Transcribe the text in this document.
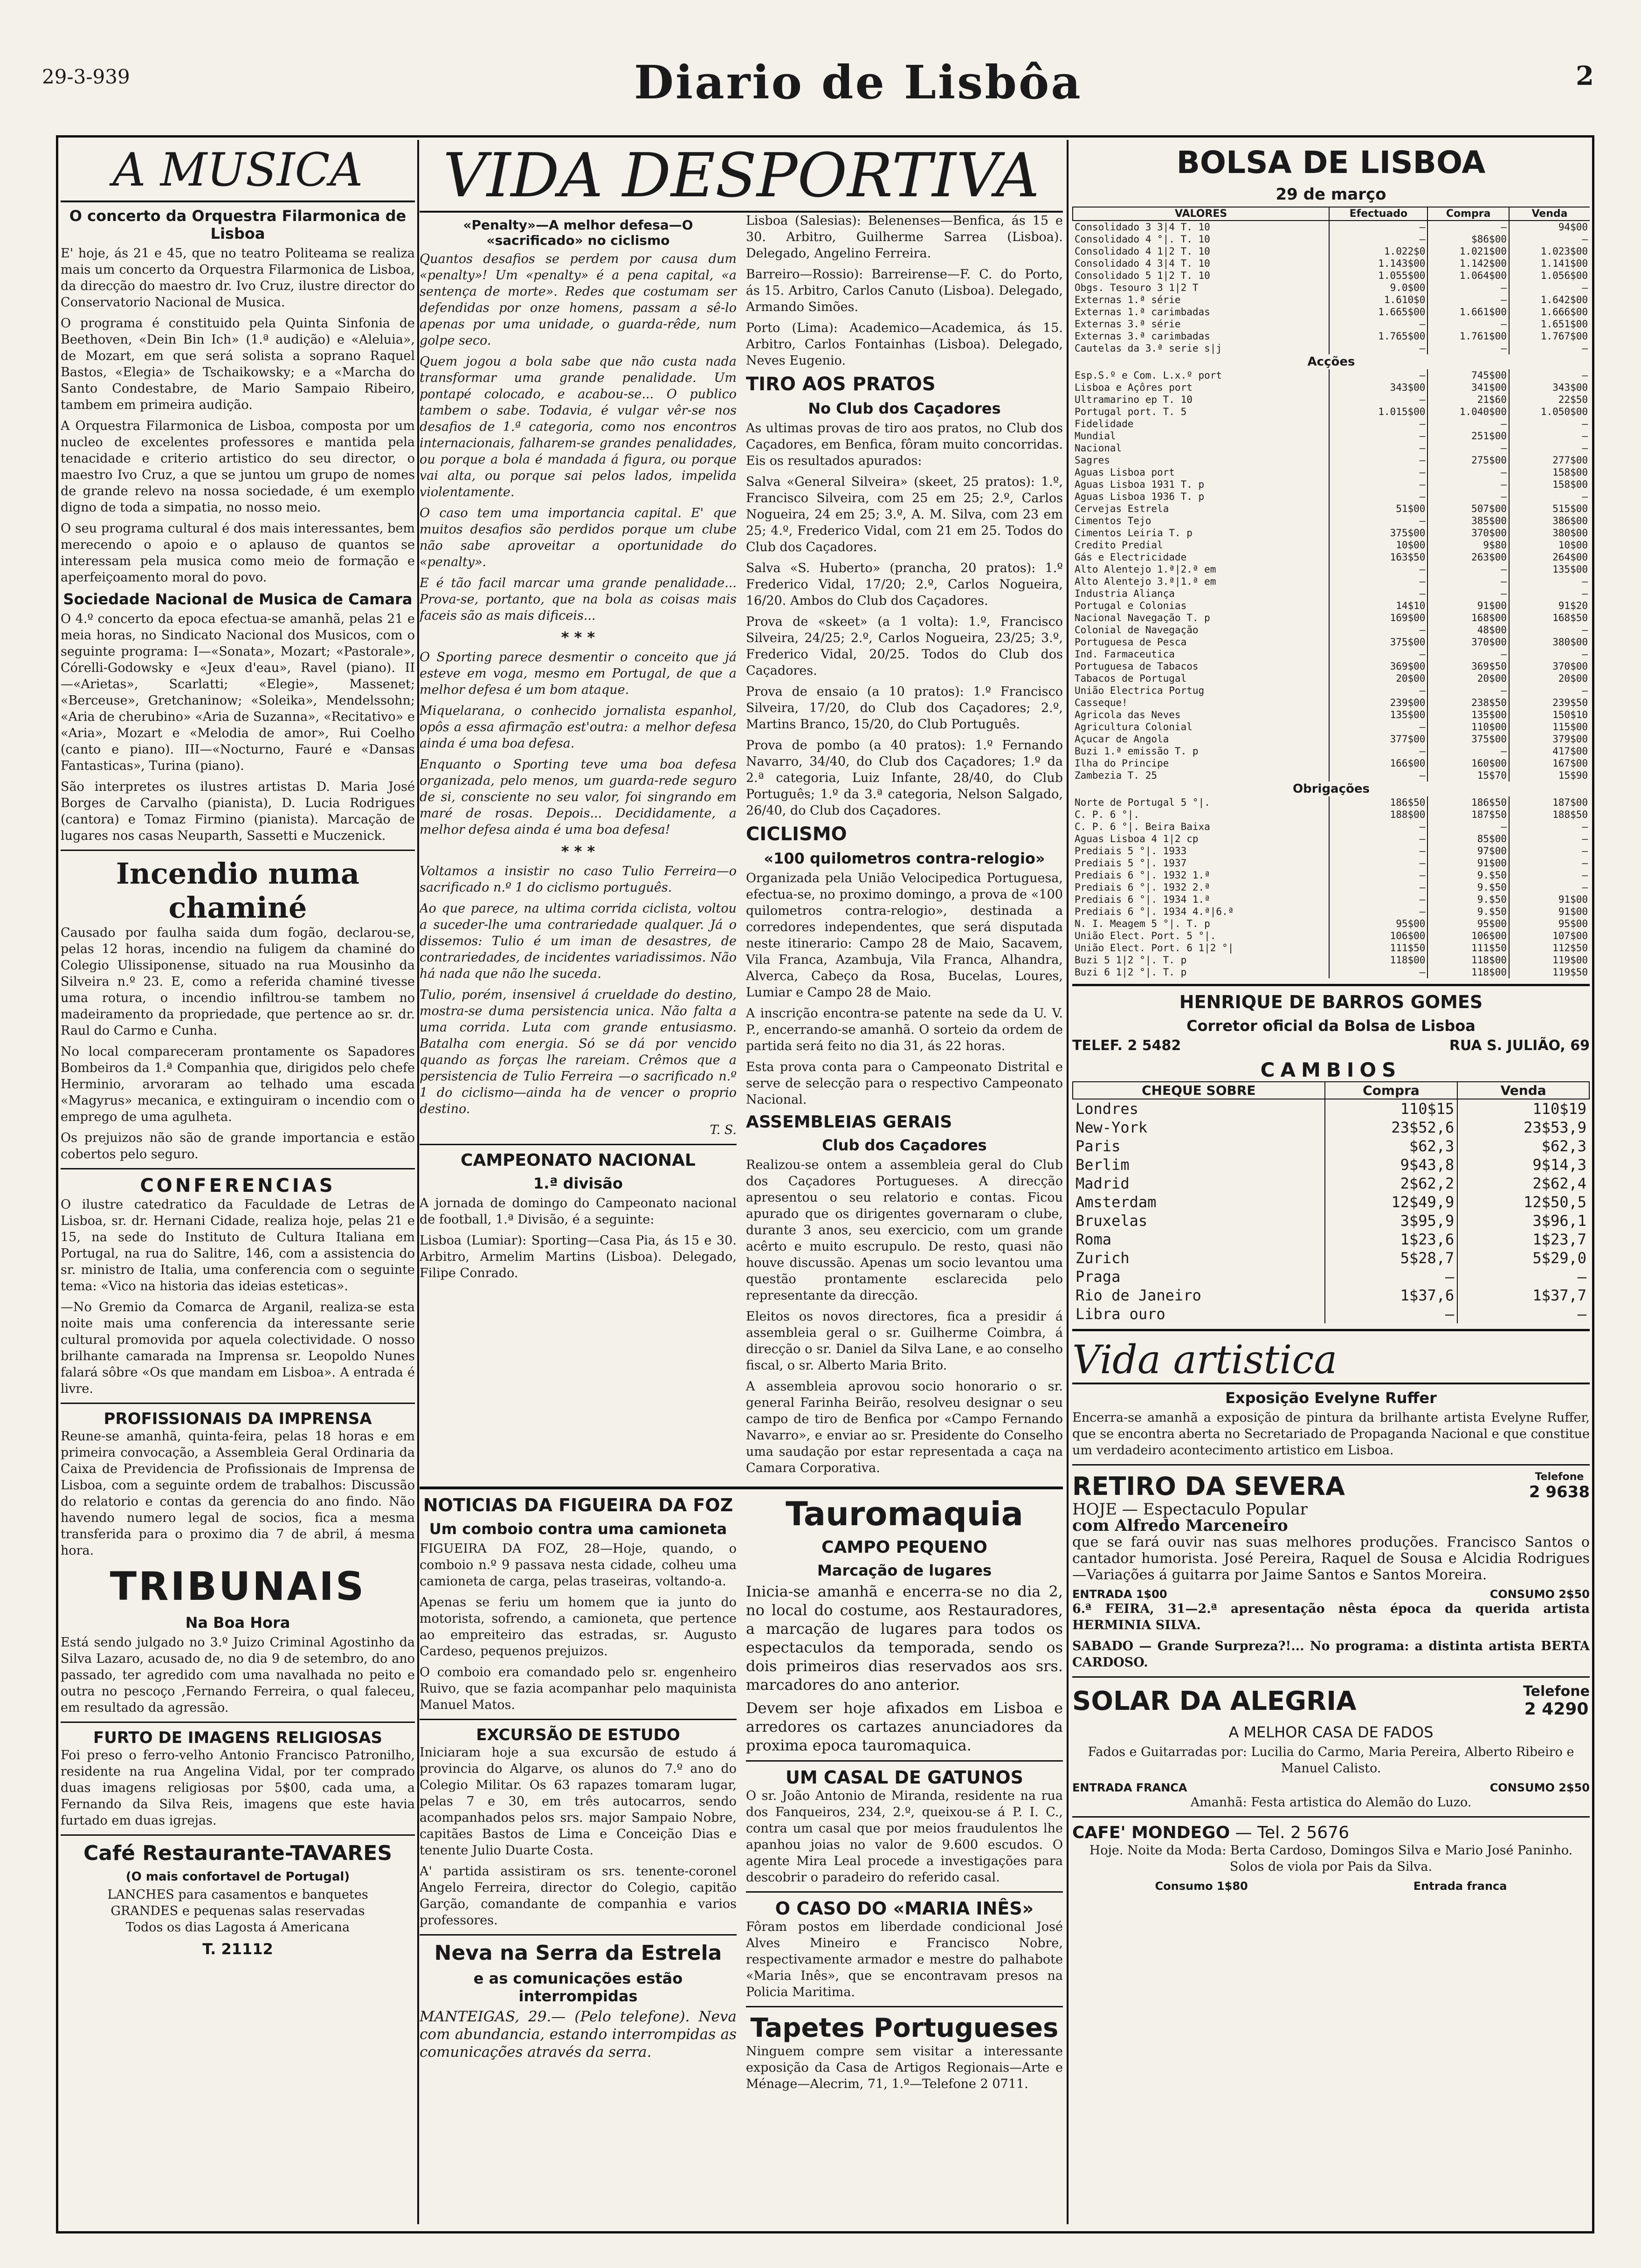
29-3-939	Diario de Lisbôa	2
A MUSICA
O concerto da Orquestra Filarmonica de Lisboa

E' hoje, ás 21 e 45, que no teatro Politeama se realiza mais um concerto da Orquestra Filarmonica de Lisboa, da direcção do maestro dr. Ivo Cruz, ilustre director do Conservatorio Nacional de Musica.

O programa é constituido pela Quinta Sinfonia de Beethoven, «Dein Bin Ich» (1.ª audição) e «Aleluia», de Mozart, em que será solista a soprano Raquel Bastos, «Elegia» de Tschaikowsky; e a «Marcha do Santo Condestabre, de Mario Sampaio Ribeiro, tambem em primeira audição.

A Orquestra Filarmonica de Lisboa, composta por um nucleo de excelentes professores e mantida pela tenacidade e criterio artistico do seu director, o maestro Ivo Cruz, a que se juntou um grupo de nomes de grande relevo na nossa sociedade, é um exemplo digno de toda a simpatia, no nosso meio.

O seu programa cultural é dos mais interessantes, bem merecendo o apoio e o aplauso de quantos se interessam pela musica como meio de formação e aperfeiçoamento moral do povo.

Sociedade Nacional de Musica de Camara

O 4.º concerto da epoca efectua-se amanhã, pelas 21 e meia horas, no Sindicato Nacional dos Musicos, com o seguinte programa: I—«Sonata», Mozart; «Pastorale», Córelli-Godowsky e «Jeux d'eau», Ravel (piano). II—«Arietas», Scarlatti; «Elegie», Massenet; «Berceuse», Gretchaninow; «Soleika», Mendelssohn; «Aria de cherubino» «Aria de Suzanna», «Recitativo» e «Aria», Mozart e «Melodia de amor», Rui Coelho (canto e piano). III—«Nocturno, Fauré e «Dansas Fantasticas», Turina (piano).

São interpretes os ilustres artistas D. Maria José Borges de Carvalho (pianista), D. Lucia Rodrigues (cantora) e Tomaz Firmino (pianista). Marcação de lugares nos casas Neuparth, Sassetti e Muczenick.

Incendio numa chaminé

Causado por faulha saida dum fogão, declarou-se, pelas 12 horas, incendio na fuligem da chaminé do Colegio Ulissiponense, situado na rua Mousinho da Silveira n.º 23. E, como a referida chaminé tivesse uma rotura, o incendio infiltrou-se tambem no madeiramento da propriedade, que pertence ao sr. dr. Raul do Carmo e Cunha.

No local compareceram prontamente os Sapadores Bombeiros da 1.ª Companhia que, dirigidos pelo chefe Herminio, arvoraram ao telhado uma escada «Magyrus» mecanica, e extinguiram o incendio com o emprego de uma agulheta.

Os prejuizos não são de grande importancia e estão cobertos pelo seguro.

CONFERENCIAS

O ilustre catedratico da Faculdade de Letras de Lisboa, sr. dr. Hernani Cidade, realiza hoje, pelas 21 e 15, na sede do Instituto de Cultura Italiana em Portugal, na rua do Salitre, 146, com a assistencia do sr. ministro de Italia, uma conferencia com o seguinte tema: «Vico na historia das ideias esteticas».

—No Gremio da Comarca de Arganil, realiza-se esta noite mais uma conferencia da interessante serie cultural promovida por aquela colectividade. O nosso brilhante camarada na Imprensa sr. Leopoldo Nunes falará sôbre «Os que mandam em Lisboa». A entrada é livre.

PROFISSIONAIS DA IMPRENSA

Reune-se amanhã, quinta-feira, pelas 18 horas e em primeira convocação, a Assembleia Geral Ordinaria da Caixa de Previdencia de Profissionais de Imprensa de Lisboa, com a seguinte ordem de trabalhos: Discussão do relatorio e contas da gerencia do ano findo. Não havendo numero legal de socios, fica a mesma transferida para o proximo dia 7 de abril, á mesma hora.

TRIBUNAIS
Na Boa Hora

Está sendo julgado no 3.º Juizo Criminal Agostinho da Silva Lazaro, acusado de, no dia 9 de setembro, do ano passado, ter agredido com uma navalhada no peito e outra no pescoço ,Fernando Ferreira, o qual faleceu, em resultado da agressão.

FURTO DE IMAGENS RELIGIOSAS

Foi preso o ferro-velho Antonio Francisco Patronilho, residente na rua Angelina Vidal, por ter comprado duas imagens religiosas por 5$00, cada uma, a Fernando da Silva Reis, imagens que este havia furtado em duas igrejas.

Café Restaurante-TAVARES
(O mais confortavel de Portugal)
LANCHES para casamentos e banquetes
GRANDES e pequenas salas reservadas
Todos os dias Lagosta á Americana
T. 21112
VIDA DESPORTIVA
«Penalty»—A melhor defesa—O «sacrificado» no ciclismo

Quantos desafios se perdem por causa dum «penalty»! Um «penalty» é a pena capital, «a sentença de morte». Redes que costumam ser defendidas por onze homens, passam a sê-lo apenas por uma unidade, o guarda-rêde, num golpe seco.

Quem jogou a bola sabe que não custa nada transformar uma grande penalidade. Um pontapé colocado, e acabou-se... O publico tambem o sabe. Todavia, é vulgar vêr-se nos desafios de 1.ª categoria, como nos encontros internacionais, falharem-se grandes penalidades, ou porque a bola é mandada á figura, ou porque vai alta, ou porque sai pelos lados, impelida violentamente.

O caso tem uma importancia capital. E' que muitos desafios são perdidos porque um clube não sabe aproveitar a oportunidade do «penalty».

E é tão facil marcar uma grande penalidade... Prova-se, portanto, que na bola as coisas mais faceis são as mais dificeis...

* * *

O Sporting parece desmentir o conceito que já esteve em voga, mesmo em Portugal, de que a melhor defesa é um bom ataque.

Miquelarana, o conhecido jornalista espanhol, opôs a essa afirmação est'outra: a melhor defesa ainda é uma boa defesa.

Enquanto o Sporting teve uma boa defesa organizada, pelo menos, um guarda-rede seguro de si, consciente no seu valor, foi singrando em maré de rosas. Depois... Decididamente, a melhor defesa ainda é uma boa defesa!

* * *

Voltamos a insistir no caso Tulio Ferreira—o sacrificado n.º 1 do ciclismo português.

Ao que parece, na ultima corrida ciclista, voltou a suceder-lhe uma contrariedade qualquer. Já o dissemos: Tulio é um iman de desastres, de contrariedades, de incidentes variadissimos. Não há nada que não lhe suceda.

Tulio, porém, insensivel á crueldade do destino, mostra-se duma persistencia unica. Não falta a uma corrida. Luta com grande entusiasmo. Batalha com energia. Só se dá por vencido quando as forças lhe rareiam. Crêmos que a persistencia de Tulio Ferreira —o sacrificado n.º 1 do ciclismo—ainda ha de vencer o proprio destino.

T. S.
CAMPEONATO NACIONAL
1.ª divisão

A jornada de domingo do Campeonato nacional de football, 1.ª Divisão, é a seguinte:

Lisboa (Lumiar): Sporting—Casa Pia, ás 15 e 30. Arbitro, Armelim Martins (Lisboa). Delegado, Filipe Conrado.

Lisboa (Salesias): Belenenses—Benfica, ás 15 e 30. Arbitro, Guilherme Sarrea (Lisboa). Delegado, Angelino Ferreira.

Barreiro—Rossio): Barreirense—F. C. do Porto, ás 15. Arbitro, Carlos Canuto (Lisboa). Delegado, Armando Simões.

Porto (Lima): Academico—Academica, ás 15. Arbitro, Carlos Fontainhas (Lisboa). Delegado, Neves Eugenio.

TIRO AOS PRATOS
No Club dos Caçadores

As ultimas provas de tiro aos pratos, no Club dos Caçadores, em Benfica, fôram muito concorridas. Eis os resultados apurados:

Salva «General Silveira» (skeet, 25 pratos): 1.º, Francisco Silveira, com 25 em 25; 2.º, Carlos Nogueira, 24 em 25; 3.º, A. M. Silva, com 23 em 25; 4.º, Frederico Vidal, com 21 em 25. Todos do Club dos Caçadores.

Salva «S. Huberto» (prancha, 20 pratos): 1.º Frederico Vidal, 17/20; 2.º, Carlos Nogueira, 16/20. Ambos do Club dos Caçadores.

Prova de «skeet» (a 1 volta): 1.º, Francisco Silveira, 24/25; 2.º, Carlos Nogueira, 23/25; 3.º, Frederico Vidal, 20/25. Todos do Club dos Caçadores.

Prova de ensaio (a 10 pratos): 1.º Francisco Silveira, 17/20, do Club dos Caçadores; 2.º, Martins Branco, 15/20, do Club Português.

Prova de pombo (a 40 pratos): 1.º Fernando Navarro, 34/40, do Club dos Caçadores; 1.º da 2.ª categoria, Luiz Infante, 28/40, do Club Português; 1.º da 3.ª categoria, Nelson Salgado, 26/40, do Club dos Caçadores.

CICLISMO
«100 quilometros contra-relogio»

Organizada pela União Velocipedica Portuguesa, efectua-se, no proximo domingo, a prova de «100 quilometros contra-relogio», destinada a corredores independentes, que será disputada neste itinerario: Campo 28 de Maio, Sacavem, Vila Franca, Azambuja, Vila Franca, Alhandra, Alverca, Cabeço da Rosa, Bucelas, Loures, Lumiar e Campo 28 de Maio.

A inscrição encontra-se patente na sede da U. V. P., encerrando-se amanhã. O sorteio da ordem de partida será feito no dia 31, ás 22 horas.

Esta prova conta para o Campeonato Distrital e serve de selecção para o respectivo Campeonato Nacional.

ASSEMBLEIAS GERAIS
Club dos Caçadores

Realizou-se ontem a assembleia geral do Club dos Caçadores Portugueses. A direcção apresentou o seu relatorio e contas. Ficou apurado que os dirigentes governaram o clube, durante 3 anos, seu exercicio, com um grande acêrto e muito escrupulo. De resto, quasi não houve discussão. Apenas um socio levantou uma questão prontamente esclarecida pelo representante da direcção.

Eleitos os novos directores, fica a presidir á assembleia geral o sr. Guilherme Coimbra, á direcção o sr. Daniel da Silva Lane, e ao conselho fiscal, o sr. Alberto Maria Brito.

A assembleia aprovou socio honorario o sr. general Farinha Beirão, resolveu designar o seu campo de tiro de Benfica por «Campo Fernando Navarro», e enviar ao sr. Presidente do Conselho uma saudação por estar representada a caça na Camara Corporativa.

NOTICIAS DA FIGUEIRA DA FOZ
Um comboio contra uma camioneta

FIGUEIRA DA FOZ, 28—Hoje, quando, o comboio n.º 9 passava nesta cidade, colheu uma camioneta de carga, pelas traseiras, voltando-a.

Apenas se feriu um homem que ia junto do motorista, sofrendo, a camioneta, que pertence ao empreiteiro das estradas, sr. Augusto Cardeso, pequenos prejuizos.

O comboio era comandado pelo sr. engenheiro Ruivo, que se fazia acompanhar pelo maquinista Manuel Matos.

EXCURSÃO DE ESTUDO

Iniciaram hoje a sua excursão de estudo á provincia do Algarve, os alunos do 7.º ano do Colegio Militar. Os 63 rapazes tomaram lugar, pelas 7 e 30, em três autocarros, sendo acompanhados pelos srs. major Sampaio Nobre, capitães Bastos de Lima e Conceição Dias e tenente Julio Duarte Costa.

A' partida assistiram os srs. tenente-coronel Angelo Ferreira, director do Colegio, capitão Garção, comandante de companhia e varios professores.

Neva na Serra da Estrela
e as comunicações estão interrompidas

MANTEIGAS, 29.— (Pelo telefone). Neva com abundancia, estando interrompidas as comunicações através da serra.

Tauromaquia
CAMPO PEQUENO
Marcação de lugares

Inicia-se amanhã e encerra-se no dia 2, no local do costume, aos Restauradores, a marcação de lugares para todos os espectaculos da temporada, sendo os dois primeiros dias reservados aos srs. marcadores do ano anterior.

Devem ser hoje afixados em Lisboa e arredores os cartazes anunciadores da proxima epoca tauromaquica.

UM CASAL DE GATUNOS

O sr. João Antonio de Miranda, residente na rua dos Fanqueiros, 234, 2.º, queixou-se á P. I. C., contra um casal que por meios fraudulentos lhe apanhou joias no valor de 9.600 escudos. O agente Mira Leal procede a investigações para descobrir o paradeiro do referido casal.

O CASO DO «MARIA INÊS»

Fôram postos em liberdade condicional José Alves Mineiro e Francisco Nobre, respectivamente armador e mestre do palhabote «Maria Inês», que se encontravam presos na Policia Maritima.

Tapetes Portugueses

Ninguem compre sem visitar a interessante exposição da Casa de Artigos Regionais—Arte e Ménage—Alecrim, 71, 1.º—Telefone 2 0711.

BOLSA DE LISBOA
29 de março
VALORES	Efectuado	Compra	Venda
Consolidado 3 3|4 T. 10	—	—	94$00
Consolidado 4 °|. T. 10	—	$86$00	—
Consolidado 4 1|2 T. 10	1.022$0	1.021$00	1.023$00
Consolidado 4 3|4 T. 10	1.143$00	1.142$00	1.141$00
Consolidado 5 1|2 T. 10	1.055$00	1.064$00	1.056$00
Obgs. Tesouro 3 1|2 T	9.0$00	—	—
Externas 1.ª série	1.610$0	—	1.642$00
Externas 1.ª carimbadas	1.665$00	1.661$00	1.666$00
Externas 3.ª série	—	—	1.651$00
Externas 3.ª carimbadas	1.765$00	1.761$00	1.767$00
Cautelas da 3.ª serie s|j	—	—	—
Acções			
Esp.S.º e Com. L.x.º port	—	745$00	—
Lisboa e Açôres port	343$00	341$00	343$00
Ultramarino ep T. 10	—	21$60	22$50
Portugal port. T. 5	1.015$00	1.040$00	1.050$00
Fidelidade	—	—	—
Mundial	—	251$00	—
Nacional	—	—	—
Sagres	—	275$00	277$00
Aguas Lisboa port	—	—	158$00
Aguas Lisboa 1931 T. p	—	—	158$00
Aguas Lisboa 1936 T. p	—	—	—
Cervejas Estrela	51$00	507$00	515$00
Cimentos Tejo	—	385$00	386$00
Cimentos Leiria T. p	375$00	370$00	380$00
Credito Predial	10$00	9$80	10$00
Gás e Electricidade	163$50	263$00	264$00
Alto Alentejo 1.ª|2.ª em	—	—	135$00
Alto Alentejo 3.ª|1.ª em	—	—	—
Industria Aliança	—	—	—
Portugal e Colonias	14$10	91$00	91$20
Nacional Navegação T. p	169$00	168$00	168$50
Colonial de Navegação	—	48$00	—
Portuguesa de Pesca	375$00	370$00	380$00
Ind. Farmaceutica	—	—	—
Portuguesa de Tabacos	369$00	369$50	370$00
Tabacos de Portugal	20$00	20$00	20$00
União Electrica Portug	—	—	—
Casseque!	239$00	238$50	239$50
Agricola das Neves	135$00	135$00	150$10
Agricultura Colonial	—	110$00	115$00
Açucar de Angola	377$00	375$00	379$00
Buzi 1.ª emissão T. p	—	—	417$00
Ilha do Principe	166$00	160$00	167$00
Zambezia T. 25	—	15$70	15$90
Obrigações			
Norte de Portugal 5 °|.	186$50	186$50	187$00
C. P. 6 °|.	188$00	187$50	188$50
C. P. 6 °|. Beira Baixa	—	—	—
Aguas Lisboa 4 1|2 cp	—	85$00	—
Prediais 5 °|. 1933	—	97$00	—
Prediais 5 °|. 1937	—	91$00	—
Prediais 6 °|. 1932 1.ª	—	9.$50	—
Prediais 6 °|. 1932 2.ª	—	9.$50	—
Prediais 6 °|. 1934 1.ª	—	9.$50	91$00
Prediais 6 °|. 1934 4.ª|6.ª	—	9.$50	91$00
N. I. Meagem 5 °|. T. p	95$00	95$00	95$00
União Elect. Port. 5 °|.	106$00	106$00	107$00
União Elect. Port. 6 1|2 °|	111$50	111$50	112$50
Buzi 5 1|2 °|. T. p	118$00	118$00	119$00
Buzi 6 1|2 °|. T. p	—	118$00	119$50
HENRIQUE DE BARROS GOMES
Corretor oficial da Bolsa de Lisboa
TELEF. 2 5482	RUA S. JULIÃO, 69
CAMBIOS
CHEQUE SOBRE	Compra	Venda
Londres	110$15	110$19
New-York	23$52,6	23$53,9
Paris	$62,3	$62,3
Berlim	9$43,8	9$14,3
Madrid	2$62,2	2$62,4
Amsterdam	12$49,9	12$50,5
Bruxelas	3$95,9	3$96,1
Roma	1$23,6	1$23,7
Zurich	5$28,7	5$29,0
Praga	—	—
Rio de Janeiro	1$37,6	1$37,7
Libra ouro	—	—
Vida artistica
Exposição Evelyne Ruffer

Encerra-se amanhã a exposição de pintura da brilhante artista Evelyne Ruffer, que se encontra aberta no Secretariado de Propaganda Nacional e que constitue um verdadeiro acontecimento artistico em Lisboa.

RETIRO DA SEVERA	Telefone
2 9638
HOJE — Espectaculo Popular
com Alfredo Marceneiro
que se fará ouvir nas suas melhores produções. Francisco Santos o cantador humorista. José Pereira, Raquel de Sousa e Alcidia Rodrigues—Variações á guitarra por Jaime Santos e Santos Moreira.
ENTRADA 1$00	CONSUMO 2$50
6.ª FEIRA, 31—2.ª apresentação nêsta época da querida artista HERMINIA SILVA.
SABADO — Grande Surpreza?!... No programa: a distinta artista BERTA CARDOSO.
SOLAR DA ALEGRIA	Telefone
2 4290
A MELHOR CASA DE FADOS
Fados e Guitarradas por: Lucilia do Carmo, Maria Pereira, Alberto Ribeiro e Manuel Calisto.
ENTRADA FRANCA	CONSUMO 2$50
Amanhã: Festa artistica do Alemão do Luzo.
CAFE' MONDEGO — Tel. 2 5676
Hoje. Noite da Moda: Berta Cardoso, Domingos Silva e Mario José Paninho. Solos de viola por Pais da Silva.
Consumo 1$80	Entrada franca
